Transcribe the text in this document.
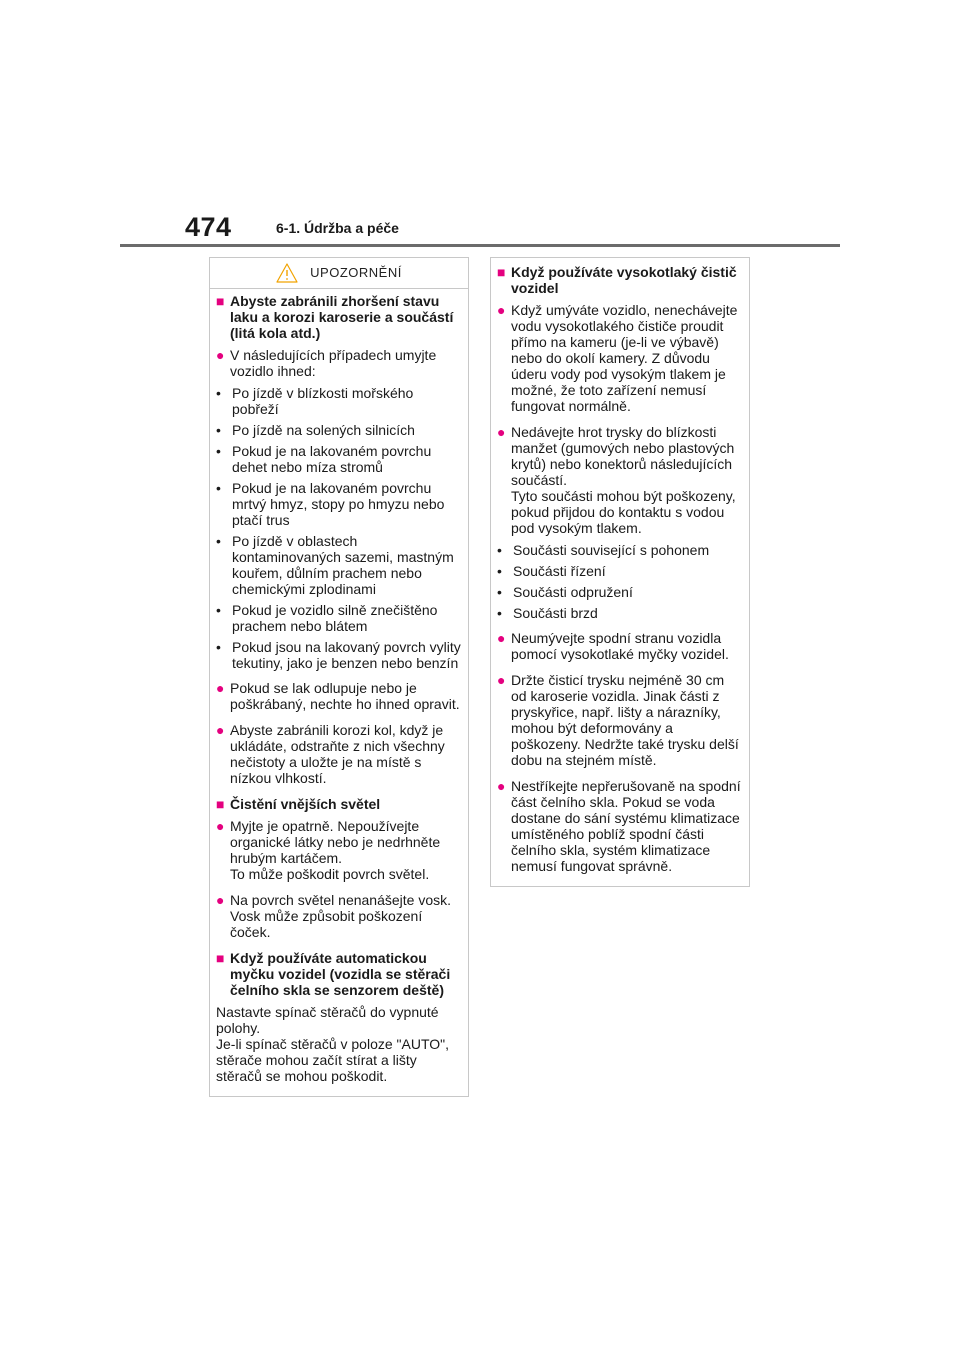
474	6-1. Údržba a péče
UPOZORNĚNÍ
■ Abyste zabránili zhoršení stavu laku a korozi karoserie a součástí (litá kola atd.)
● V následujících případech umyjte vozidlo ihned:
• Po jízdě v blízkosti mořského pobřeží
• Po jízdě na solených silnicích
• Pokud je na lakovaném povrchu dehet nebo míza stromů
• Pokud je na lakovaném povrchu mrtvý hmyz, stopy po hmyzu nebo ptačí trus
• Po jízdě v oblastech kontaminovaných sazemi, mastným kouřem, důlním prachem nebo chemickými zplodinami
• Pokud je vozidlo silně znečištěno prachem nebo blátem
• Pokud jsou na lakovaný povrch vylity tekutiny, jako je benzen nebo benzín
● Pokud se lak odlupuje nebo je poškrábaný, nechte ho ihned opravit.
● Abyste zabránili korozi kol, když je ukládáte, odstraňte z nich všechny nečistoty a uložte je na místě s nízkou vlhkostí.
■ Čistění vnějších světel
● Myjte je opatrně. Nepoužívejte organické látky nebo je nedrhněte hrubým kartáčem.
To může poškodit povrch světel.
● Na povrch světel nenanášejte vosk. Vosk může způsobit poškození čoček.
■ Když používáte automatickou myčku vozidel (vozidla se stěrači čelního skla se senzorem deště)
Nastavte spínač stěračů do vypnuté polohy.
Je-li spínač stěračů v poloze "AUTO", stěrače mohou začít stírat a lišty stěračů se mohou poškodit.
■ Když používáte vysokotlaký čistič vozidel
● Když umýváte vozidlo, nenechávejte vodu vysokotlakého čističe proudit přímo na kameru (je-li ve výbavě) nebo do okolí kamery. Z důvodu úderu vody pod vysokým tlakem je možné, že toto zařízení nemusí fungovat normálně.
● Nedávejte hrot trysky do blízkosti manžet (gumových nebo plastových krytů) nebo konektorů následujících součástí.
Tyto součásti mohou být poškozeny, pokud přijdou do kontaktu s vodou pod vysokým tlakem.
• Součásti související s pohonem
• Součásti řízení
• Součásti odpružení
• Součásti brzd
● Neumývejte spodní stranu vozidla pomocí vysokotlaké myčky vozidel.
● Držte čisticí trysku nejméně 30 cm od karoserie vozidla. Jinak části z pryskyřice, např. lišty a nárazníky, mohou být deformovány a poškozeny. Nedržte také trysku delší dobu na stejném místě.
● Nestříkejte nepřerušovaně na spodní část čelního skla. Pokud se voda dostane do sání systému klimatizace umístěného poblíž spodní části čelního skla, systém klimatizace nemusí fungovat správně.
